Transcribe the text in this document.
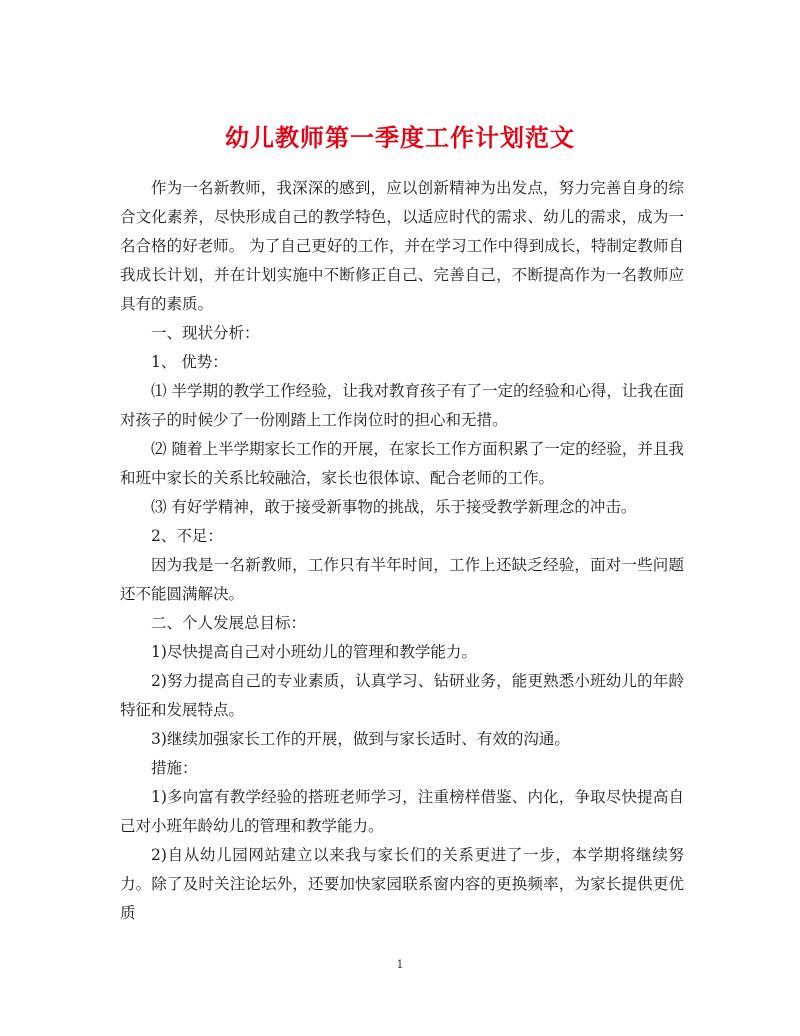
幼儿教师第一季度工作计划范文

作为一名新教师，我深深的感到，应以创新精神为出发点，努力完善自身的综合文化素养，尽快形成自己的教学特色，以适应时代的需求、幼儿的需求，成为一名合格的好老师。 为了自己更好的工作，并在学习工作中得到成长，特制定教师自我成长计划，并在计划实施中不断修正自己、完善自己，不断提高作为一名教师应具有的素质。

一、现状分析：

1、 优势：

⑴ 半学期的教学工作经验，让我对教育孩子有了一定的经验和心得，让我在面对孩子的时候少了一份刚踏上工作岗位时的担心和无措。

⑵ 随着上半学期家长工作的开展，在家长工作方面积累了一定的经验，并且我和班中家长的关系比较融洽，家长也很体谅、配合老师的工作。

⑶ 有好学精神，敢于接受新事物的挑战，乐于接受教学新理念的冲击。

2、不足：

因为我是一名新教师，工作只有半年时间，工作上还缺乏经验，面对一些问题还不能圆满解决。

二、个人发展总目标：

1)尽快提高自己对小班幼儿的管理和教学能力。

2)努力提高自己的专业素质，认真学习、钻研业务，能更熟悉小班幼儿的年龄特征和发展特点。

3)继续加强家长工作的开展，做到与家长适时、有效的沟通。

措施：

1)多向富有教学经验的搭班老师学习，注重榜样借鉴、内化，争取尽快提高自己对小班年龄幼儿的管理和教学能力。

2)自从幼儿园网站建立以来我与家长们的关系更进了一步，本学期将继续努力。除了及时关注论坛外，还要加快家园联系窗内容的更换频率，为家长提供更优质

1
